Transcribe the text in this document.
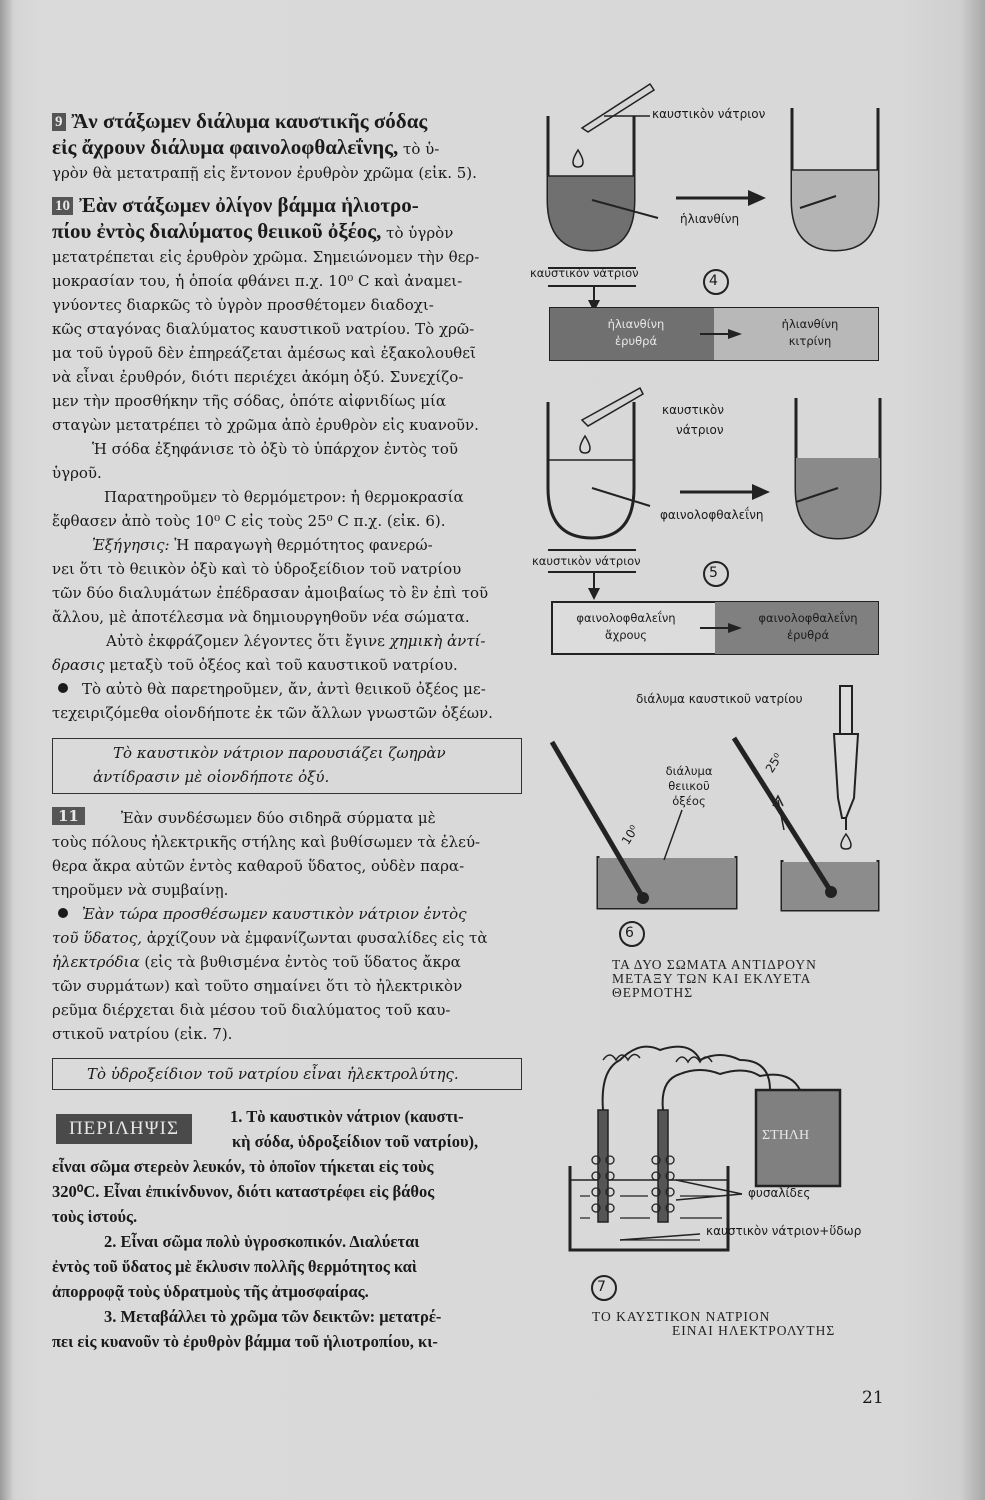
9 Ἂν στάξωμεν διάλυμα καυστικῆς σόδας
εἰς ἄχρουν διάλυμα φαινολοφθαλεΐνης, τὸ ὑ-
γρὸν θὰ μετατραπῇ εἰς ἔντονον ἐρυθρὸν χρῶμα (εἰκ. 5).
10 Ἐὰν στάξωμεν ὀλίγον βάμμα ἡλιοτρο-
πίου ἐντὸς διαλύματος θειικοῦ ὀξέος, τὸ ὑγρὸν
μετατρέπεται εἰς ἐρυθρὸν χρῶμα. Σημειώνομεν τὴν θερ-
μοκρασίαν του, ἡ ὁποία φθάνει π.χ. 10⁰ C καὶ ἀναμει-
γνύοντες διαρκῶς τὸ ὑγρὸν προσθέτομεν διαδοχι-
κῶς σταγόνας διαλύματος καυστικοῦ νατρίου. Τὸ χρῶ-
μα τοῦ ὑγροῦ δὲν ἐπηρεάζεται ἀμέσως καὶ ἐξακολουθεῖ
νὰ εἶναι ἐρυθρόν, διότι περιέχει ἀκόμη ὀξύ. Συνεχίζο-
μεν τὴν προσθήκην τῆς σόδας, ὁπότε αἰφνιδίως μία
σταγὼν μετατρέπει τὸ χρῶμα ἀπὸ ἐρυθρὸν εἰς κυανοῦν.
Ἡ σόδα ἐξηφάνισε τὸ ὀξὺ τὸ ὑπάρχον ἐντὸς τοῦ
ὑγροῦ.
Παρατηροῦμεν τὸ θερμόμετρον: ἡ θερμοκρασία
ἔφθασεν ἀπὸ τοὺς 10⁰ C εἰς τοὺς 25⁰ C π.χ. (εἰκ. 6).
Ἐξήγησις: Ἡ παραγωγὴ θερμότητος φανερώ-
νει ὅτι τὸ θειικὸν ὀξὺ καὶ τὸ ὑδροξείδιον τοῦ νατρίου
τῶν δύο διαλυμάτων ἐπέδρασαν ἀμοιβαίως τὸ ἓν ἐπὶ τοῦ
ἄλλου, μὲ ἀποτέλεσμα νὰ δημιουργηθοῦν νέα σώματα.
Αὐτὸ ἐκφράζομεν λέγοντες ὅτι ἔγινε χημικὴ ἀντί-
δρασις μεταξὺ τοῦ ὀξέος καὶ τοῦ καυστικοῦ νατρίου.
Τὸ αὐτὸ θὰ παρετηροῦμεν, ἄν, ἀντὶ θειικοῦ ὀξέος με-
τεχειριζόμεθα οἱονδήποτε ἐκ τῶν ἄλλων γνωστῶν ὀξέων.
Τὸ καυστικὸν νάτριον παρουσιάζει ζωηρὰν
ἀντίδρασιν μὲ οἱονδήποτε ὀξύ.
11	Ἐὰν συνδέσωμεν δύο σιδηρᾶ σύρματα μὲ
τοὺς πόλους ἠλεκτρικῆς στήλης καὶ βυθίσωμεν τὰ ἐλεύ-
θερα ἄκρα αὐτῶν ἐντὸς καθαροῦ ὕδατος, οὐδὲν παρα-
τηροῦμεν νὰ συμβαίνῃ.
Ἐὰν τώρα προσθέσωμεν καυστικὸν νάτριον ἐντὸς
τοῦ ὕδατος, ἀρχίζουν νὰ ἐμφανίζωνται φυσαλίδες εἰς τὰ
ἠλεκτρόδια (εἰς τὰ βυθισμένα ἐντὸς τοῦ ὕδατος ἄκρα
τῶν συρμάτων) καὶ τοῦτο σημαίνει ὅτι τὸ ἠλεκτρικὸν
ρεῦμα διέρχεται διὰ μέσου τοῦ διαλύματος τοῦ καυ-
στικοῦ νατρίου (εἰκ. 7).
Τὸ ὑδροξείδιον τοῦ νατρίου εἶναι ἠλεκτρολύτης.
ΠΕΡΙΛΗΨΙΣ
1. Τὸ καυστικὸν νάτριον (καυστι-
κὴ σόδα, ὑδροξείδιον τοῦ νατρίου),
εἶναι σῶμα στερεὸν λευκόν, τὸ ὁποῖον τήκεται εἰς τοὺς
320⁰C. Εἶναι ἐπικίνδυνον, διότι καταστρέφει εἰς βάθος
τοὺς ἱστούς.
2. Εἶναι σῶμα πολὺ ὑγροσκοπικόν. Διαλύεται
ἐντὸς τοῦ ὕδατος μὲ ἔκλυσιν πολλῆς θερμότητος καὶ
ἀπορροφᾷ τοὺς ὑδρατμοὺς τῆς ἀτμοσφαίρας.
3. Μεταβάλλει τὸ χρῶμα τῶν δεικτῶν: μετατρέ-
πει εἰς κυανοῦν τὸ ἐρυθρὸν βάμμα τοῦ ἡλιοτροπίου, κι-
καυστικὸν νάτριον
ἡλιανθίνη
καυστικὸν νάτριον	4
ἡλιανθίνη
ἐρυθρά
ἡλιανθίνη
κιτρίνη
καυστικὸν
νάτριον
φαινολοφθαλεΐνη
καυστικὸν νάτριον
5
φαινολοφθαλεΐνη
ἄχρους
φαινολοφθαλεΐνη
ἐρυθρά
διάλυμα καυστικοῦ νατρίου
διάλυμα
θειικοῦ
ὀξέος
10⁰
25⁰
6
ΤΑ ΔΥΟ ΣΩΜΑΤΑ ΑΝΤΙΔΡΟΥΝ
ΜΕΤΑΞΥ ΤΩΝ ΚΑΙ ΕΚΛΥΕΤΑ
ΘΕΡΜΟΤΗΣ
ΣΤΗΛΗ
φυσαλίδες
καυστικὸν νάτριον+ὕδωρ
7
ΤΟ ΚΑΥΣΤΙΚΟΝ ΝΑΤΡΙΟΝ
ΕΙΝΑΙ ΗΛΕΚΤΡΟΛΥΤΗΣ
21
